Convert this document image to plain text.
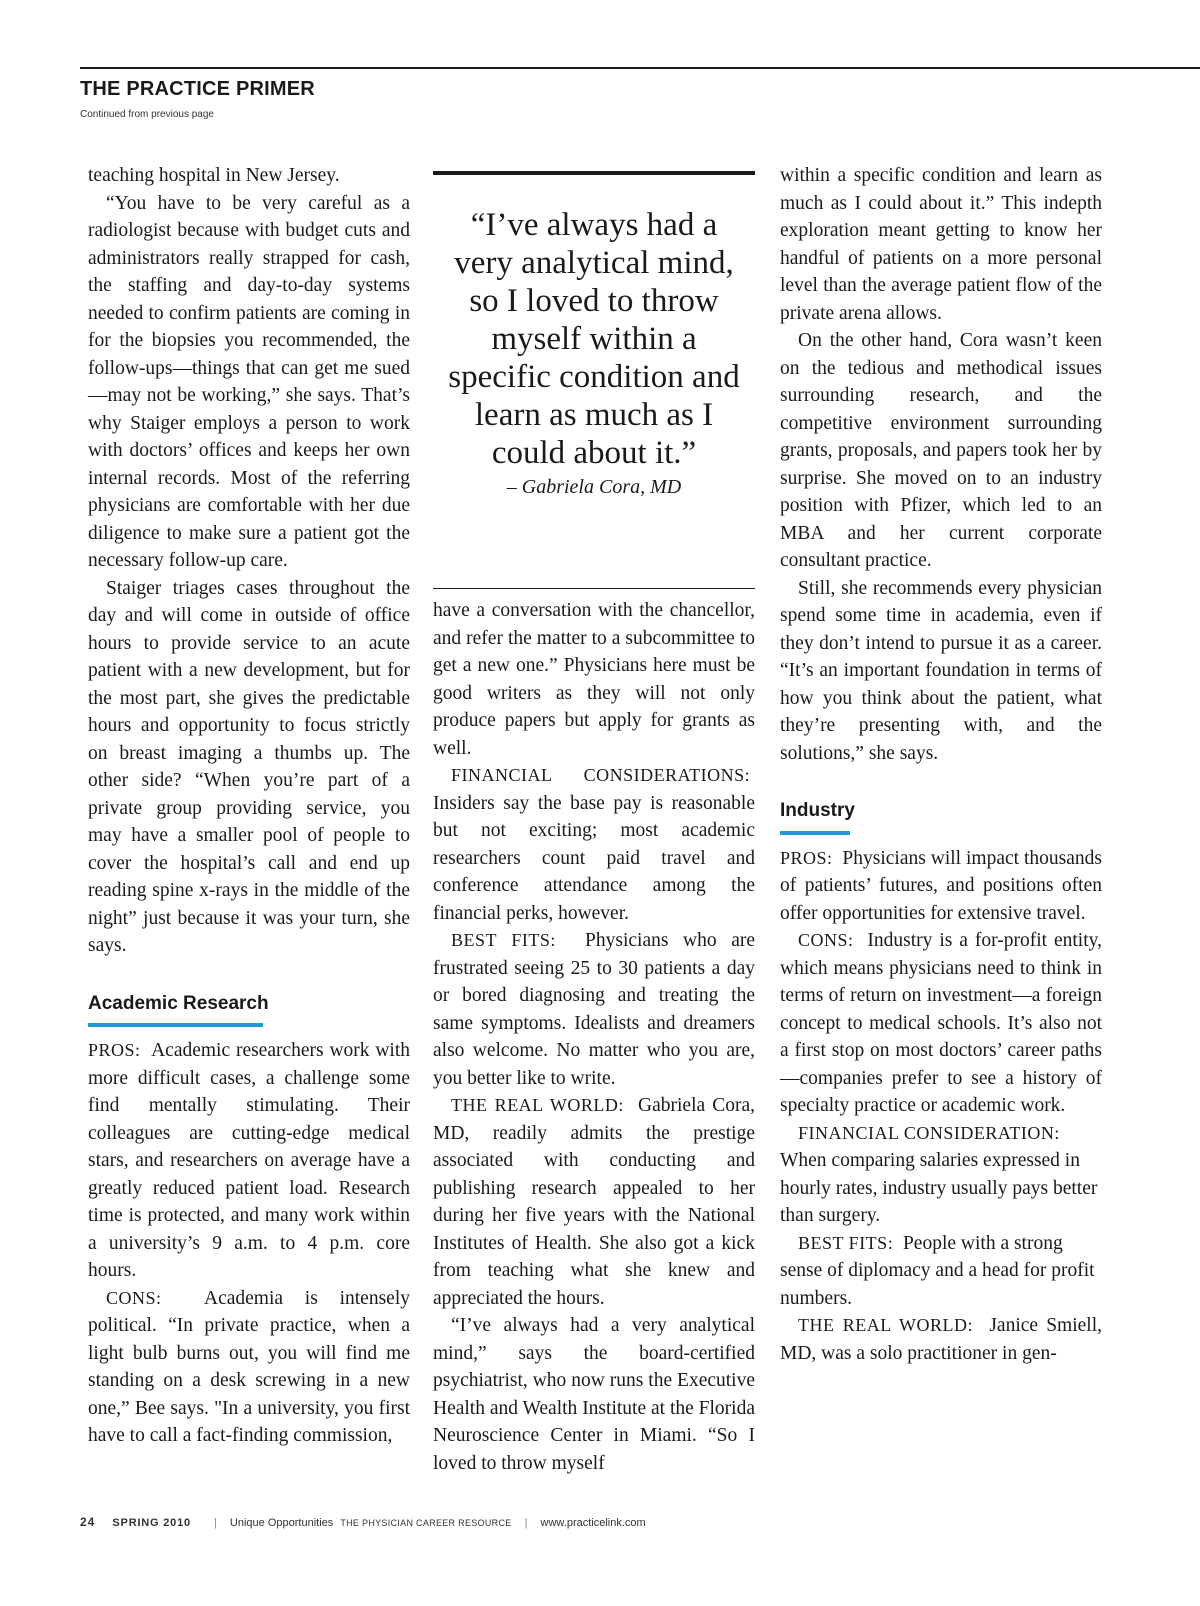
THE PRACTICE PRIMER
Continued from previous page

teaching hospital in New Jersey.

“You have to be very careful as a radiologist because with budget cuts and administrators really strapped for cash, the staffing and day-to-day systems needed to confirm patients are coming in for the biopsies you recommended, the follow-ups—things that can get me sued—may not be working,” she says. That’s why Staiger employs a person to work with doctors’ offices and keeps her own internal records. Most of the referring physicians are comfortable with her due diligence to make sure a patient got the necessary follow-up care.

Staiger triages cases throughout the day and will come in outside of office hours to provide service to an acute patient with a new development, but for the most part, she gives the predictable hours and opportunity to focus strictly on breast imaging a thumbs up. The other side? “When you’re part of a private group providing service, you may have a smaller pool of people to cover the hospital’s call and end up reading spine x-rays in the middle of the night” just because it was your turn, she says.

Academic Research

PROS: Academic researchers work with more difficult cases, a challenge some find mentally stimulating. Their colleagues are cutting-edge medical stars, and researchers on average have a greatly reduced patient load. Research time is protected, and many work within a university’s 9 a.m. to 4 p.m. core hours.

CONS: Academia is intensely political. “In private practice, when a light bulb burns out, you will find me standing on a desk screwing in a new one,” Bee says. "In a university, you first have to call a fact-finding commission,

“I’ve always had a very analytical mind, so I loved to throw myself within a specific condition and learn as much as I could about it.”
– Gabriela Cora, MD

have a conversation with the chancellor, and refer the matter to a subcommittee to get a new one.” Physicians here must be good writers as they will not only produce papers but apply for grants as well.

FINANCIAL CONSIDERATIONS:  Insiders say the base pay is reasonable but not exciting; most academic researchers count paid travel and conference attendance among the financial perks, however.

BEST FITS: Physicians who are frustrated seeing 25 to 30 patients a day or bored diagnosing and treating the same symptoms. Idealists and dreamers also welcome. No matter who you are, you better like to write.

THE REAL WORLD: Gabriela Cora, MD, readily admits the prestige associated with conducting and publishing research appealed to her during her five years with the National Institutes of Health. She also got a kick from teaching what she knew and appreciated the hours.

“I’ve always had a very analytical mind,” says the board-certified psychiatrist, who now runs the Executive Health and Wealth Institute at the Florida Neuroscience Center in Miami. “So I loved to throw myself

within a specific condition and learn as much as I could about it.” This indepth exploration meant getting to know her handful of patients on a more personal level than the average patient flow of the private arena allows.

On the other hand, Cora wasn’t keen on the tedious and methodical issues surrounding research, and the competitive environment surrounding grants, proposals, and papers took her by surprise. She moved on to an industry position with Pfizer, which led to an MBA and her current corporate consultant practice.

Still, she recommends every physician spend some time in academia, even if they don’t intend to pursue it as a career. “It’s an important foundation in terms of how you think about the patient, what they’re presenting with, and the solutions,” she says.

Industry

PROS: Physicians will impact thousands of patients’ futures, and positions often offer opportunities for extensive travel.

CONS: Industry is a for-profit entity, which means physicians need to think in terms of return on investment—a foreign concept to medical schools. It’s also not a first stop on most doctors’ career paths—companies prefer to see a history of specialty practice or academic work.

FINANCIAL CONSIDERATION:
When comparing salaries expressed in hourly rates, industry usually pays better than surgery.

BEST FITS: People with a strong sense of diplomacy and a head for profit numbers.

THE REAL WORLD: Janice Smiell, MD, was a solo practitioner in gen-

24 SPRING 2010 | Unique Opportunities THE PHYSICIAN CAREER RESOURCE | www.practicelink.com
